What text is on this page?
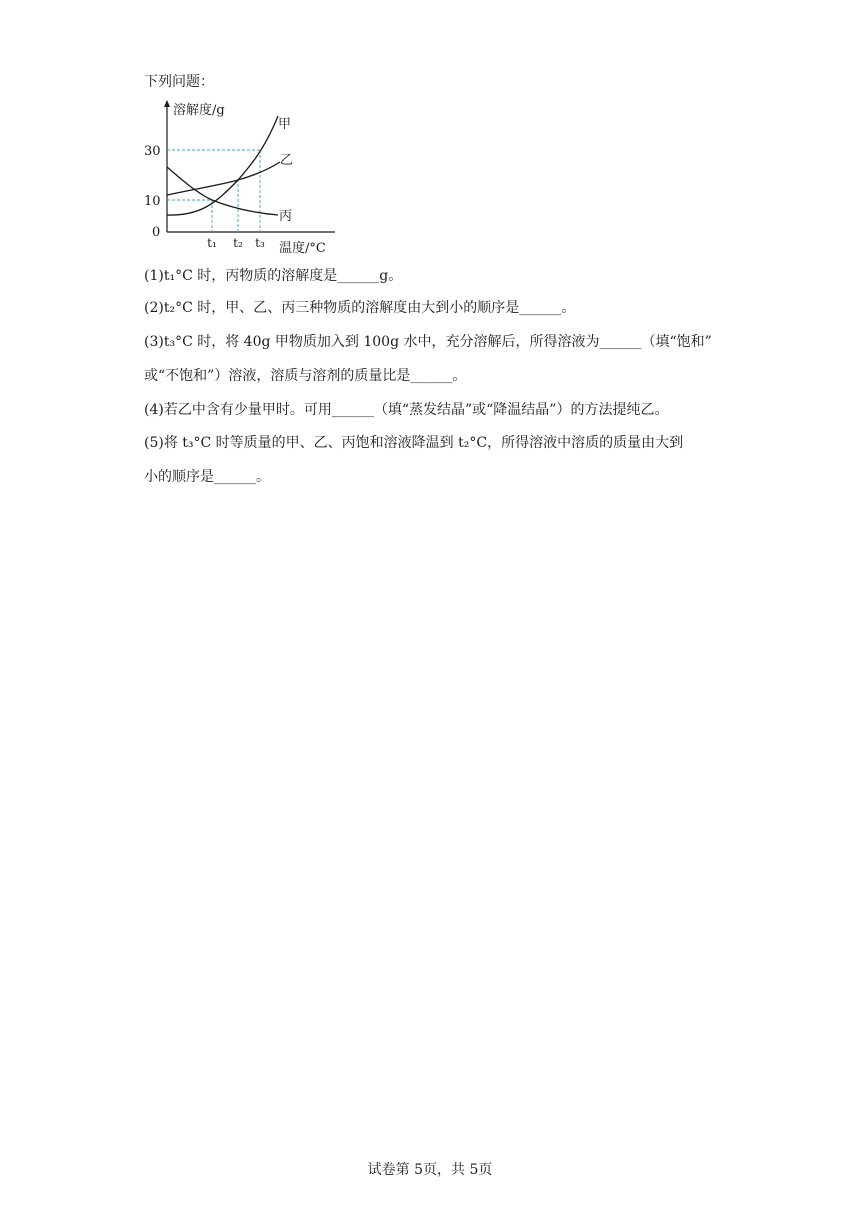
下列问题：
溶解度/g
30
10
0
t₁ t₂ t₃ 温度/°C
甲
乙
丙
(1)t₁°C 时，丙物质的溶解度是______g。
(2)t₂°C 时，甲、乙、丙三种物质的溶解度由大到小的顺序是______。
(3)t₃°C 时，将 40g 甲物质加入到 100g 水中，充分溶解后，所得溶液为______（填“饱和”
或“不饱和”）溶液，溶质与溶剂的质量比是______。
(4)若乙中含有少量甲时。可用______（填“蒸发结晶”或“降温结晶”）的方法提纯乙。
(5)将 t₃°C 时等质量的甲、乙、丙饱和溶液降温到 t₂°C，所得溶液中溶质的质量由大到
小的顺序是______。
试卷第 5页，共 5页
